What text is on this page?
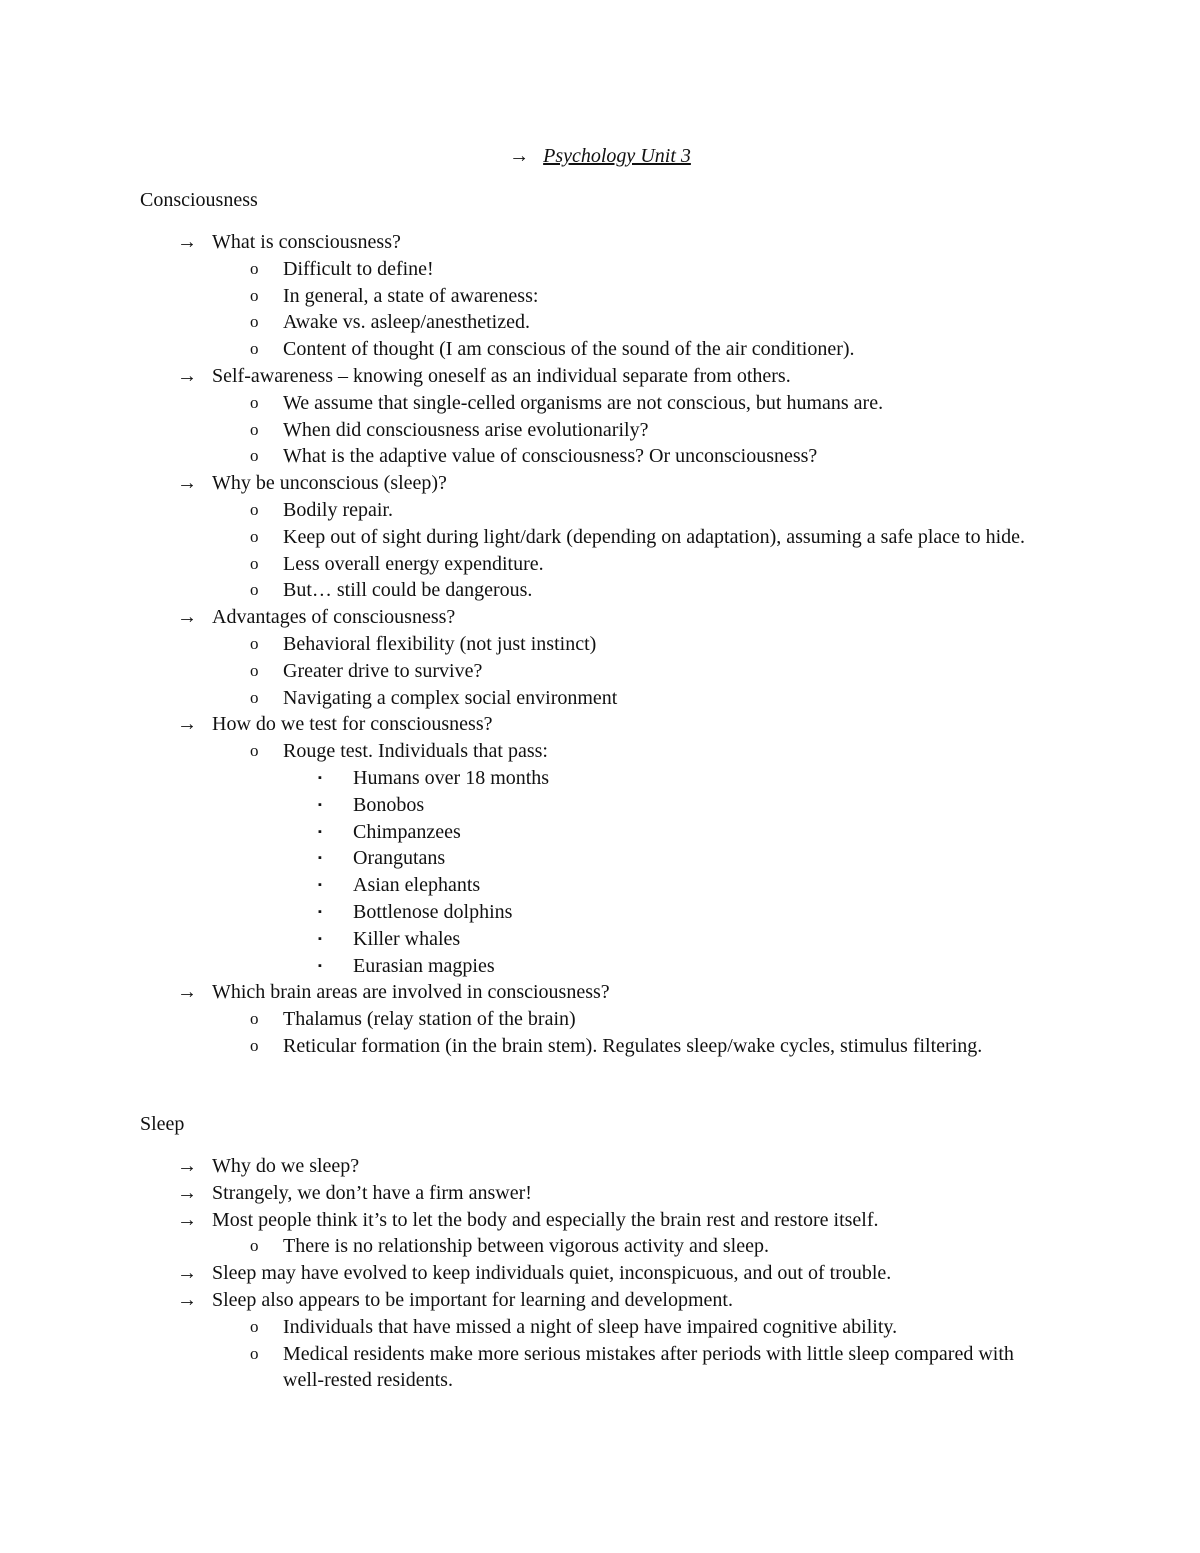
→ Psychology Unit 3
Consciousness
→ What is consciousness?
o Difficult to define!
o In general, a state of awareness:
o Awake vs. asleep/anesthetized.
o Content of thought (I am conscious of the sound of the air conditioner).
→ Self-awareness – knowing oneself as an individual separate from others.
o We assume that single-celled organisms are not conscious, but humans are.
o When did consciousness arise evolutionarily?
o What is the adaptive value of consciousness? Or unconsciousness?
→ Why be unconscious (sleep)?
o Bodily repair.
o Keep out of sight during light/dark (depending on adaptation), assuming a safe place to hide.
o Less overall energy expenditure.
o But… still could be dangerous.
→ Advantages of consciousness?
o Behavioral flexibility (not just instinct)
o Greater drive to survive?
o Navigating a complex social environment
→ How do we test for consciousness?
o Rouge test. Individuals that pass:
▪ Humans over 18 months
▪ Bonobos
▪ Chimpanzees
▪ Orangutans
▪ Asian elephants
▪ Bottlenose dolphins
▪ Killer whales
▪ Eurasian magpies
→ Which brain areas are involved in consciousness?
o Thalamus (relay station of the brain)
o Reticular formation (in the brain stem). Regulates sleep/wake cycles, stimulus filtering.
Sleep
→ Why do we sleep?
→ Strangely, we don’t have a firm answer!
→ Most people think it’s to let the body and especially the brain rest and restore itself.
o There is no relationship between vigorous activity and sleep.
→ Sleep may have evolved to keep individuals quiet, inconspicuous, and out of trouble.
→ Sleep also appears to be important for learning and development.
o Individuals that have missed a night of sleep have impaired cognitive ability.
o Medical residents make more serious mistakes after periods with little sleep compared with well-rested residents.
